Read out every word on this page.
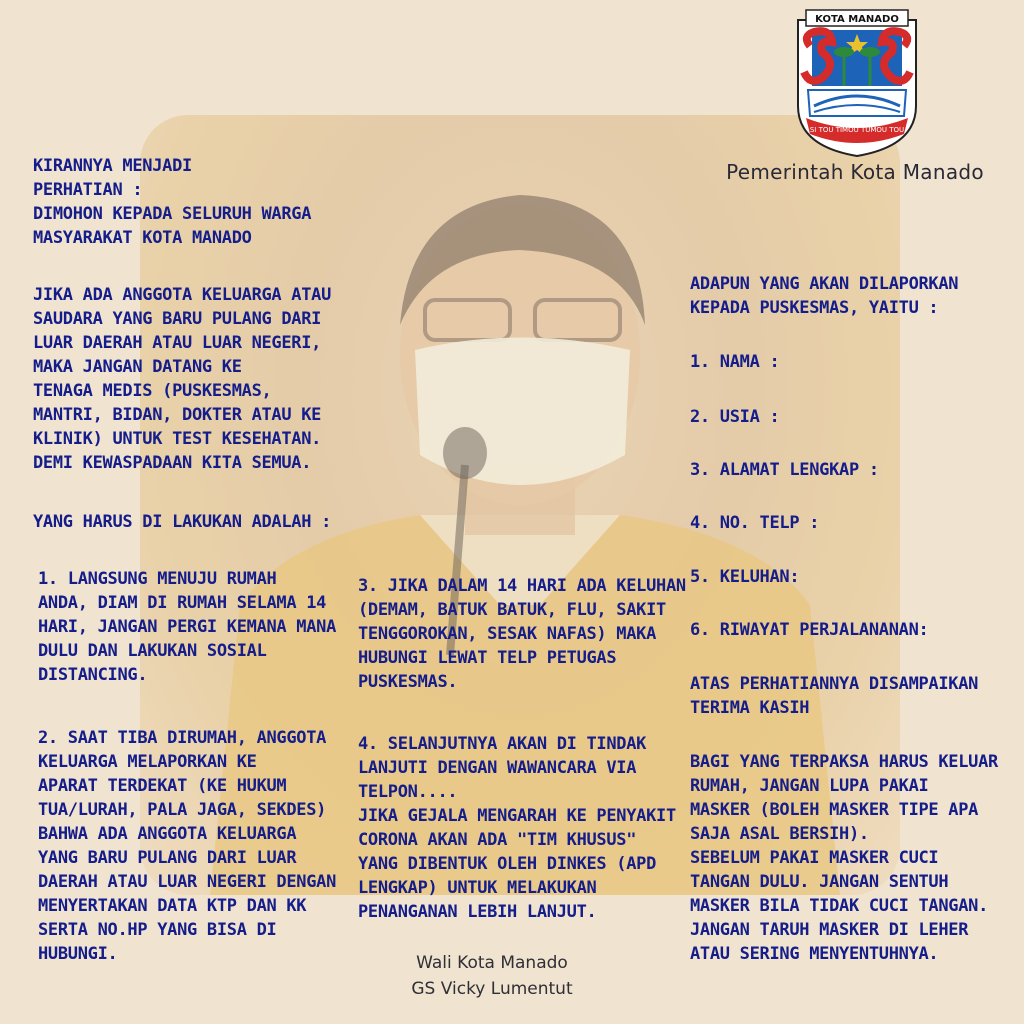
KOTA MANADO
SI TOU TIMOU TUMOU TOU
Pemerintah Kota Manado
KIRANNYA MENJADI
PERHATIAN :
DIMOHON KEPADA SELURUH WARGA
MASYARAKAT KOTA MANADO
JIKA ADA ANGGOTA KELUARGA ATAU
SAUDARA YANG BARU PULANG DARI
LUAR DAERAH ATAU LUAR NEGERI,
MAKA JANGAN DATANG KE
TENAGA MEDIS (PUSKESMAS,
MANTRI, BIDAN, DOKTER ATAU KE
KLINIK) UNTUK TEST KESEHATAN.
DEMI KEWASPADAAN KITA SEMUA.
YANG HARUS DI LAKUKAN ADALAH :
1. LANGSUNG MENUJU RUMAH
ANDA, DIAM DI RUMAH SELAMA 14
HARI, JANGAN PERGI KEMANA MANA
DULU DAN LAKUKAN SOSIAL
DISTANCING.
2. SAAT TIBA DIRUMAH, ANGGOTA
KELUARGA MELAPORKAN KE
APARAT TERDEKAT (KE HUKUM
TUA/LURAH, PALA JAGA, SEKDES)
BAHWA ADA ANGGOTA KELUARGA
YANG BARU PULANG DARI LUAR
DAERAH ATAU LUAR NEGERI DENGAN
MENYERTAKAN DATA KTP DAN KK
SERTA NO.HP YANG BISA DI
HUBUNGI.
3. JIKA DALAM 14 HARI ADA KELUHAN
(DEMAM, BATUK BATUK, FLU, SAKIT
TENGGOROKAN, SESAK NAFAS) MAKA
HUBUNGI LEWAT TELP PETUGAS
PUSKESMAS.
4. SELANJUTNYA AKAN DI TINDAK
LANJUTI DENGAN WAWANCARA VIA
TELPON....
JIKA GEJALA MENGARAH KE PENYAKIT
CORONA AKAN ADA "TIM KHUSUS"
YANG DIBENTUK OLEH DINKES (APD
LENGKAP) UNTUK MELAKUKAN
PENANGANAN LEBIH LANJUT.
ADAPUN YANG AKAN DILAPORKAN
KEPADA PUSKESMAS, YAITU :
1. NAMA :
2. USIA :
3. ALAMAT LENGKAP :
4. NO. TELP :
5. KELUHAN:
6. RIWAYAT PERJALANANAN:
ATAS PERHATIANNYA DISAMPAIKAN
TERIMA KASIH
BAGI YANG TERPAKSA HARUS KELUAR
RUMAH, JANGAN LUPA PAKAI
MASKER (BOLEH MASKER TIPE APA
SAJA ASAL BERSIH).
SEBELUM PAKAI MASKER CUCI
TANGAN DULU. JANGAN SENTUH
MASKER BILA TIDAK CUCI TANGAN.
JANGAN TARUH MASKER DI LEHER
ATAU SERING MENYENTUHNYA.
Wali Kota Manado
GS Vicky Lumentut
